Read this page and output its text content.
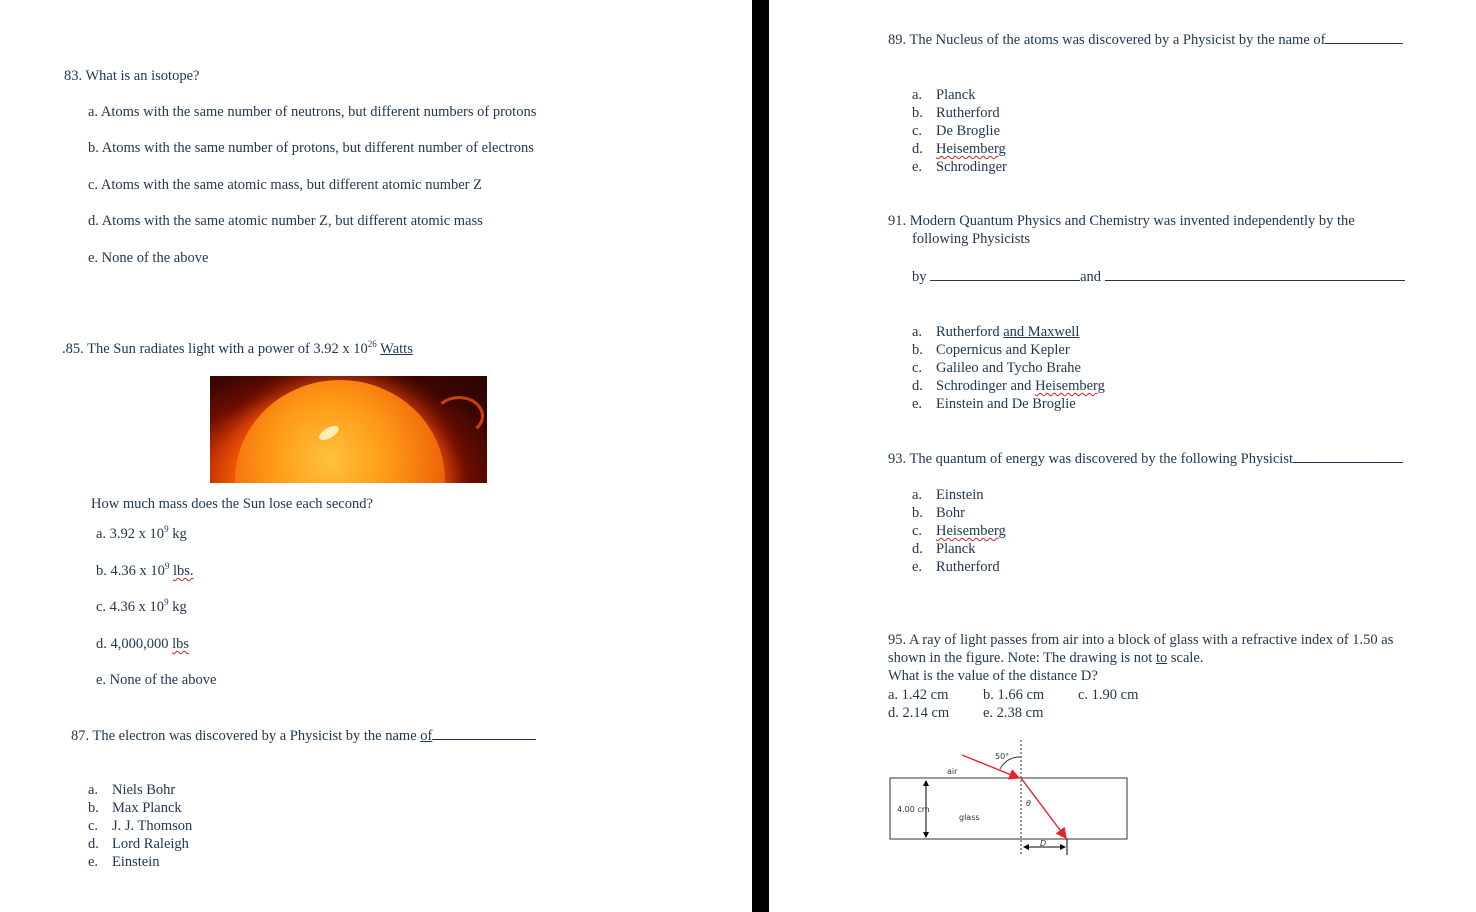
83. What is an isotope?
a. Atoms with the same number of neutrons, but different numbers of protons
b. Atoms with the same number of protons, but different number of electrons
c. Atoms with the same atomic mass, but different atomic number Z
d. Atoms with the same atomic number Z, but different atomic mass
e. None of the above
.85. The Sun radiates light with a power of 3.92 x $10^{26}$ Watts
How much mass does the Sun lose each second?
a. 3.92 x $10^9$ kg
b. 4.36 x $10^9$ lbs.
c. 4.36 x $10^9$ kg
d. 4,000,000 lbs
e. None of the above
87. The electron was discovered by a Physicist by the name of
a. Niels Bohr
b. Max Planck
c. J. J. Thomson
d. Lord Raleigh
e. Einstein
89. The Nucleus of the atoms was discovered by a Physicist by the name of
a. Planck
b. Rutherford
c. De Broglie
d. Heisemberg
e. Schrodinger
91. Modern Quantum Physics and Chemistry was invented independently by the
following Physicists
by	and
a. Rutherford and Maxwell
b. Copernicus and Kepler
c. Galileo and Tycho Brahe
d. Schrodinger and Heisemberg
e. Einstein and De Broglie
93. The quantum of energy was discovered by the following Physicist
a. Einstein
b. Bohr
c. Heisemberg
d. Planck
e. Rutherford
95. A ray of light passes from air into a block of glass with a refractive index of 1.50 as
shown in the figure. Note: The drawing is not to scale.
What is the value of the distance D?
a. 1.42 cm b. 1.66 cm c. 1.90 cm
d. 2.14 cm e. 2.38 cm
50°
air
glass
4.00 cm
θ
D
